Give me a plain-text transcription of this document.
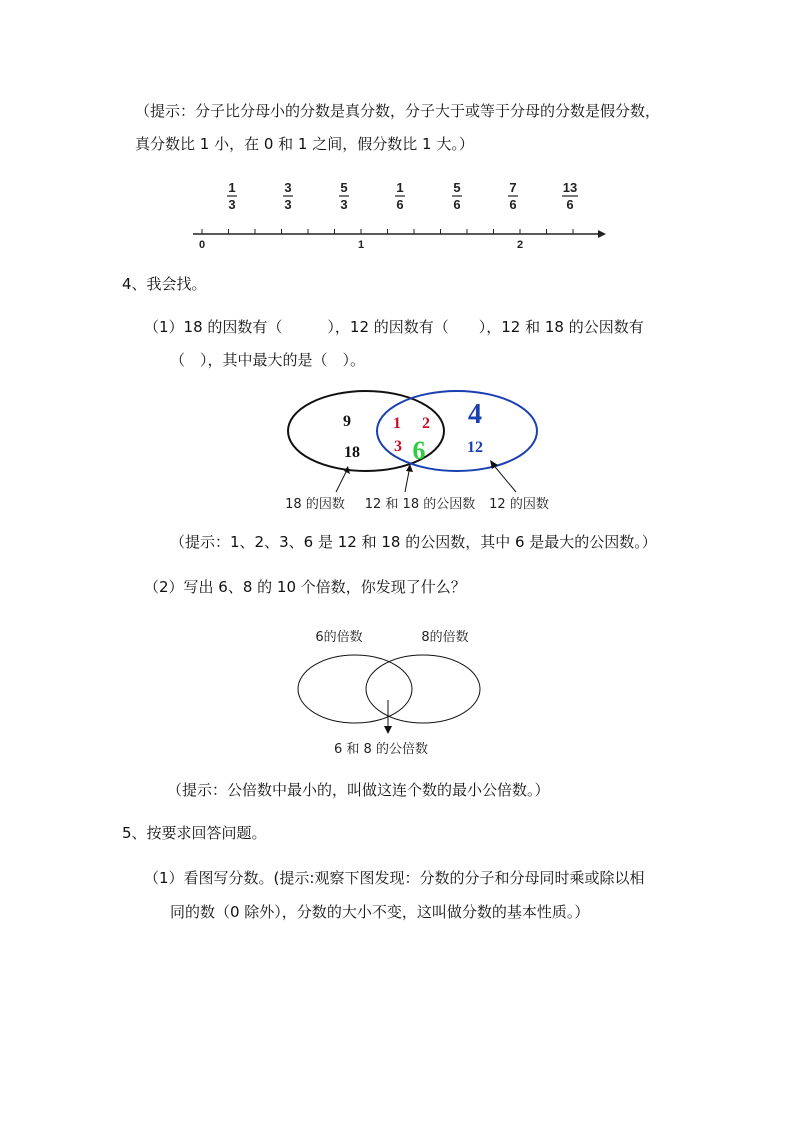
（提示：分子比分母小的分数是真分数，分子大于或等于分母的分数是假分数，
真分数比 1 小，在 0 和 1 之间，假分数比 1 大。）
1
3
3
3
5
3
1
6
5
6
7
6
13
6
0	1	2
9
18
1 2
3 6
4
12
18 的因数 12 和 18 的公因数 12 的因数
6的倍数	8的倍数
6 和 8 的公倍数
4、我会找。
（1）18 的因数有（　　　），12 的因数有（　　），12 和 18 的公因数有
（　），其中最大的是（　）。
（提示：1、2、3、6 是 12 和 18 的公因数，其中 6 是最大的公因数。）
（2）写出 6、8 的 10 个倍数，你发现了什么？
（提示：公倍数中最小的，叫做这连个数的最小公倍数。）
5、按要求回答问题。
（1）看图写分数。(提示:观察下图发现：分数的分子和分母同时乘或除以相
同的数（0 除外），分数的大小不变，这叫做分数的基本性质。）
